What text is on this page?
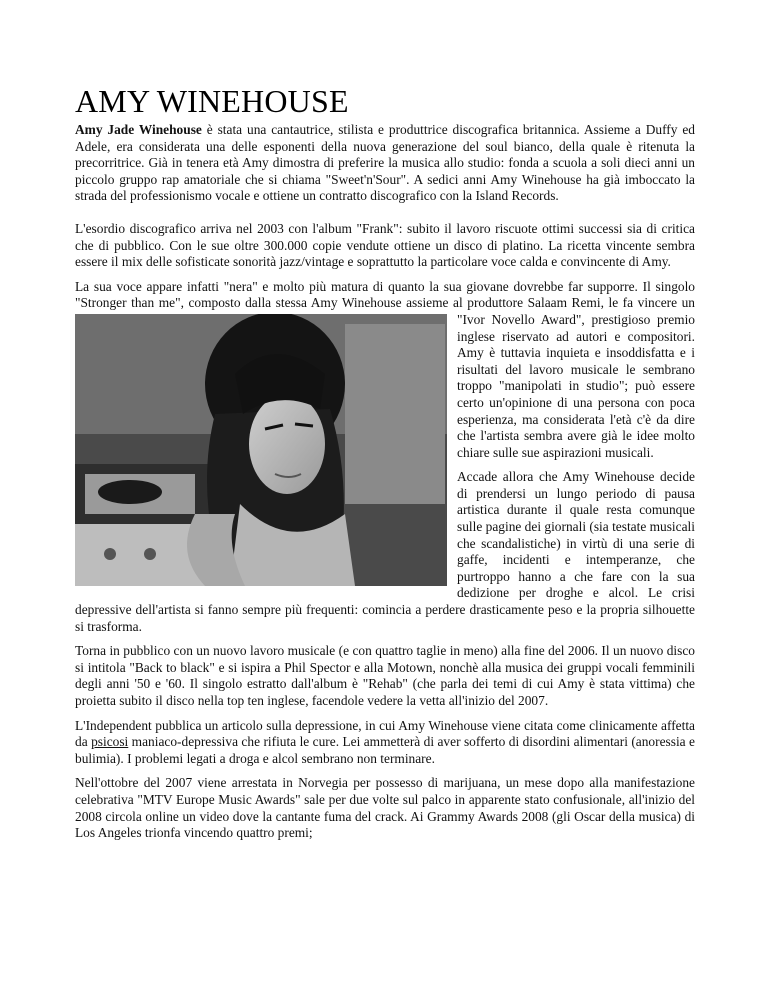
AMY WINEHOUSE

Amy Jade Winehouse è stata una cantautrice, stilista e produttrice discografica britannica. Assieme a Duffy ed Adele, era considerata una delle esponenti della nuova generazione del soul bianco, della quale è ritenuta la precorritrice. Già in tenera età Amy dimostra di preferire la musica allo studio: fonda a scuola a soli dieci anni un piccolo gruppo rap amatoriale che si chiama "Sweet'n'Sour". A sedici anni Amy Winehouse ha già imboccato la strada del professionismo vocale e ottiene un contratto discografico con la Island Records.

L'esordio discografico arriva nel 2003 con l'album "Frank": subito il lavoro riscuote ottimi successi sia di critica che di pubblico. Con le sue oltre 300.000 copie vendute ottiene un disco di platino. La ricetta vincente sembra essere il mix delle sofisticate sonorità jazz/vintage e soprattutto la particolare voce calda e convincente di Amy.

La sua voce appare infatti "nera" e molto più matura di quanto la sua giovane dovrebbe far supporre. Il singolo "Stronger than me", composto dalla stessa Amy Winehouse assieme al produttore Salaam
Remi, le fa vincere un "Ivor Novello Award", prestigioso premio inglese riservato ad autori e compositori. Amy è tuttavia inquieta e insoddisfatta e i risultati del lavoro musicale le sembrano troppo "manipolati in studio"; può essere certo un'opinione di una persona con poca esperienza, ma considerata l'età c'è da dire che l'artista sembra avere già le idee molto chiare sulle sue aspirazioni musicali.

Accade allora che Amy Winehouse decide di prendersi un lungo periodo di pausa artistica durante il quale resta comunque sulle pagine dei giornali (sia testate musicali che scandalistiche) in virtù di una serie di gaffe, incidenti e intemperanze, che purtroppo hanno a che fare con la sua dedizione per droghe e alcol. Le crisi depressive dell'artista si fanno sempre più frequenti: comincia a perdere drasticamente peso e la propria silhouette si trasforma.

Torna in pubblico con un nuovo lavoro musicale (e con quattro taglie in meno) alla fine del 2006. Il un nuovo disco si intitola "Back to black" e si ispira a Phil Spector e alla Motown, nonchè alla musica dei gruppi vocali femminili degli anni '50 e '60. Il singolo estratto dall'album è "Rehab" (che parla dei temi di cui Amy è stata vittima) che proietta subito il disco nella top ten inglese, facendole vedere la vetta all'inizio del 2007.

L'Independent pubblica un articolo sulla depressione, in cui Amy Winehouse viene citata come clinicamente affetta da psicosi maniaco-depressiva che rifiuta le cure. Lei ammetterà di aver sofferto di disordini alimentari (anoressia e bulimia). I problemi legati a droga e alcol sembrano non terminare.

Nell'ottobre del 2007 viene arrestata in Norvegia per possesso di marijuana, un mese dopo alla manifestazione celebrativa "MTV Europe Music Awards" sale per due volte sul palco in apparente stato confusionale, all'inizio del 2008 circola online un video dove la cantante fuma del crack. Ai Grammy Awards 2008 (gli Oscar della musica) di Los Angeles trionfa vincendo quattro premi;
